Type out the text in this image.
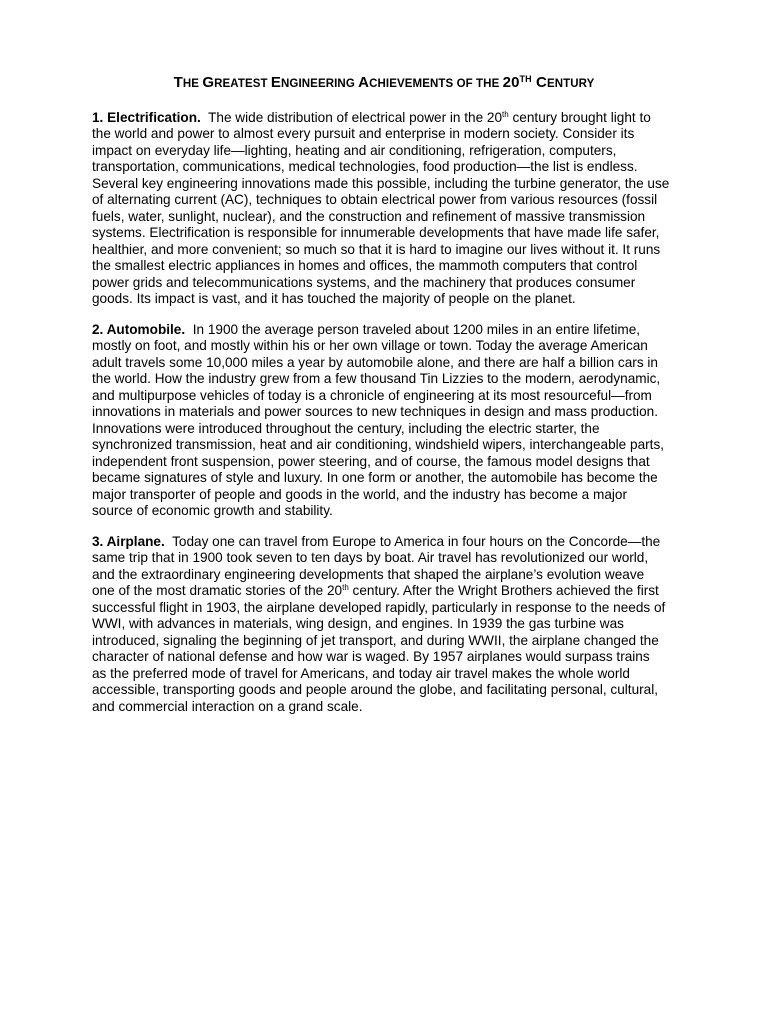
THE GREATEST ENGINEERING ACHIEVEMENTS OF THE 20TH CENTURY

1. Electrification. The wide distribution of electrical power in the 20th century brought light to
the world and power to almost every pursuit and enterprise in modern society. Consider its
impact on everyday life—lighting, heating and air conditioning, refrigeration, computers,
transportation, communications, medical technologies, food production—the list is endless.
Several key engineering innovations made this possible, including the turbine generator, the use
of alternating current (AC), techniques to obtain electrical power from various resources (fossil
fuels, water, sunlight, nuclear), and the construction and refinement of massive transmission
systems. Electrification is responsible for innumerable developments that have made life safer,
healthier, and more convenient; so much so that it is hard to imagine our lives without it. It runs
the smallest electric appliances in homes and offices, the mammoth computers that control
power grids and telecommunications systems, and the machinery that produces consumer
goods. Its impact is vast, and it has touched the majority of people on the planet.

2. Automobile. In 1900 the average person traveled about 1200 miles in an entire lifetime,
mostly on foot, and mostly within his or her own village or town. Today the average American
adult travels some 10,000 miles a year by automobile alone, and there are half a billion cars in
the world. How the industry grew from a few thousand Tin Lizzies to the modern, aerodynamic,
and multipurpose vehicles of today is a chronicle of engineering at its most resourceful—from
innovations in materials and power sources to new techniques in design and mass production.
Innovations were introduced throughout the century, including the electric starter, the
synchronized transmission, heat and air conditioning, windshield wipers, interchangeable parts,
independent front suspension, power steering, and of course, the famous model designs that
became signatures of style and luxury. In one form or another, the automobile has become the
major transporter of people and goods in the world, and the industry has become a major
source of economic growth and stability.

3. Airplane. Today one can travel from Europe to America in four hours on the Concorde—the
same trip that in 1900 took seven to ten days by boat. Air travel has revolutionized our world,
and the extraordinary engineering developments that shaped the airplane’s evolution weave
one of the most dramatic stories of the 20th century. After the Wright Brothers achieved the first
successful flight in 1903, the airplane developed rapidly, particularly in response to the needs of
WWI, with advances in materials, wing design, and engines. In 1939 the gas turbine was
introduced, signaling the beginning of jet transport, and during WWII, the airplane changed the
character of national defense and how war is waged. By 1957 airplanes would surpass trains
as the preferred mode of travel for Americans, and today air travel makes the whole world
accessible, transporting goods and people around the globe, and facilitating personal, cultural,
and commercial interaction on a grand scale.
